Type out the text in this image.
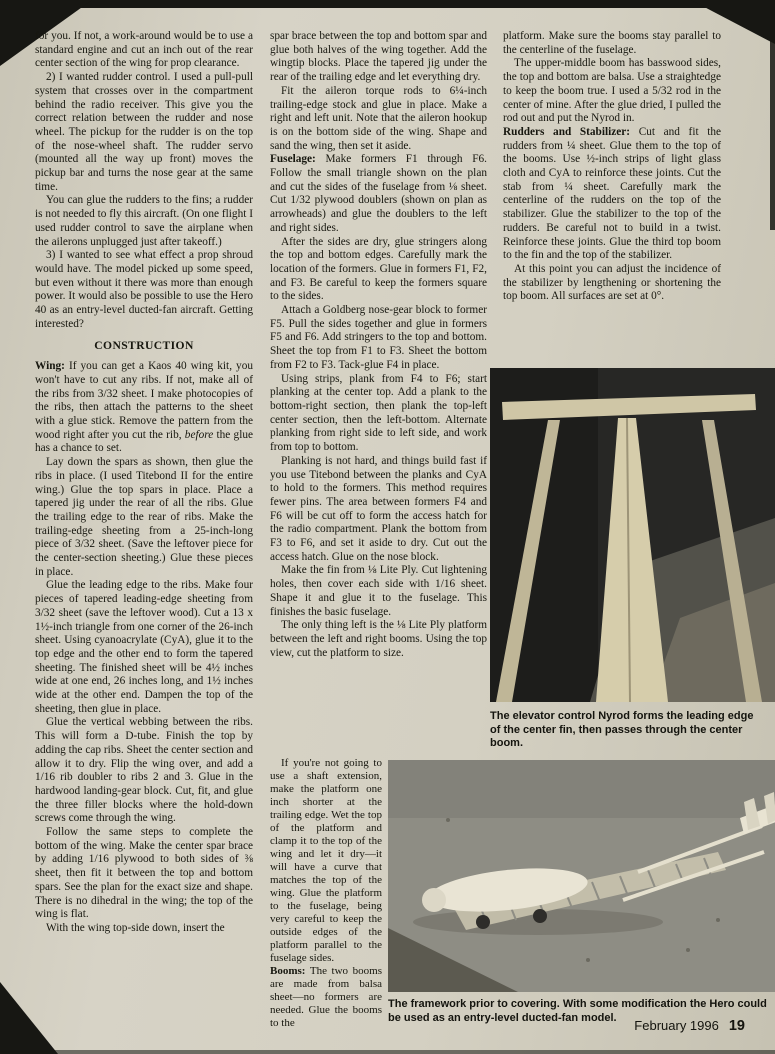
for you. If not, a work-around would be to use a standard engine and cut an inch out of the rear center section of the wing for prop clearance.

2) I wanted rudder control. I used a pull-pull system that crosses over in the compartment behind the radio receiver. This give you the correct relation between the rudder and nose wheel. The pickup for the rudder is on the top of the nose-wheel shaft. The rudder servo (mounted all the way up front) moves the pickup bar and turns the nose gear at the same time.

You can glue the rudders to the fins; a rudder is not needed to fly this aircraft. (On one flight I used rudder control to save the airplane when the ailerons unplugged just after takeoff.)

3) I wanted to see what effect a prop shroud would have. The model picked up some speed, but even without it there was more than enough power. It would also be possible to use the Hero 40 as an entry-level ducted-fan aircraft. Getting interested?

CONSTRUCTION

Wing: If you can get a Kaos 40 wing kit, you won't have to cut any ribs. If not, make all of the ribs from 3/32 sheet. I make photocopies of the ribs, then attach the patterns to the sheet with a glue stick. Remove the pattern from the wood right after you cut the rib, before the glue has a chance to set.

Lay down the spars as shown, then glue the ribs in place. (I used Titebond II for the entire wing.) Glue the top spars in place. Place a tapered jig under the rear of all the ribs. Glue the trailing edge to the rear of ribs. Make the trailing-edge sheeting from a 25-inch-long piece of 3/32 sheet. (Save the leftover piece for the center-section sheeting.) Glue these pieces in place.

Glue the leading edge to the ribs. Make four pieces of tapered leading-edge sheeting from 3/32 sheet (save the leftover wood). Cut a 13 x 1½-inch triangle from one corner of the 26-inch sheet. Using cyanoacrylate (CyA), glue it to the top edge and the other end to form the tapered sheeting. The finished sheet will be 4½ inches wide at one end, 26 inches long, and 1½ inches wide at the other end. Dampen the top of the sheeting, then glue in place.

Glue the vertical webbing between the ribs. This will form a D-tube. Finish the top by adding the cap ribs. Sheet the center section and allow it to dry. Flip the wing over, and add a 1/16 rib doubler to ribs 2 and 3. Glue in the hardwood landing-gear block. Cut, fit, and glue the three filler blocks where the hold-down screws come through the wing.

Follow the same steps to complete the bottom of the wing. Make the center spar brace by adding 1/16 plywood to both sides of ⅜ sheet, then fit it between the top and bottom spars. See the plan for the exact size and shape. There is no dihedral in the wing; the top of the wing is flat.

With the wing top-side down, insert the

spar brace between the top and bottom spar and glue both halves of the wing together. Add the wingtip blocks. Place the tapered jig under the rear of the trailing edge and let everything dry.

Fit the aileron torque rods to 6¼-inch trailing-edge stock and glue in place. Make a right and left unit. Note that the aileron hookup is on the bottom side of the wing. Shape and sand the wing, then set it aside.

Fuselage: Make formers F1 through F6. Follow the small triangle shown on the plan and cut the sides of the fuselage from ⅛ sheet. Cut 1/32 plywood doublers (shown on plan as arrowheads) and glue the doublers to the left and right sides.

After the sides are dry, glue stringers along the top and bottom edges. Carefully mark the location of the formers. Glue in formers F1, F2, and F3. Be careful to keep the formers square to the sides.

Attach a Goldberg nose-gear block to former F5. Pull the sides together and glue in formers F5 and F6. Add stringers to the top and bottom. Sheet the top from F1 to F3. Sheet the bottom from F2 to F3. Tack-glue F4 in place.

Using strips, plank from F4 to F6; start planking at the center top. Add a plank to the bottom-right section, then plank the top-left center section, then the left-bottom. Alternate planking from right side to left side, and work from top to bottom.

Planking is not hard, and things build fast if you use Titebond between the planks and CyA to hold to the formers. This method requires fewer pins. The area between formers F4 and F6 will be cut off to form the access hatch for the radio compartment. Plank the bottom from F3 to F6, and set it aside to dry. Cut out the access hatch. Glue on the nose block.

Make the fin from ⅛ Lite Ply. Cut lightening holes, then cover each side with 1/16 sheet. Shape it and glue it to the fuselage. This finishes the basic fuselage.

The only thing left is the ⅛ Lite Ply platform between the left and right booms. Using the top view, cut the platform to size.

If you're not going to use a shaft extension, make the platform one inch shorter at the trailing edge. Wet the top of the platform and clamp it to the top of the wing and let it dry—it will have a curve that matches the top of the wing. Glue the platform to the fuselage, being very careful to keep the outside edges of the platform parallel to the fuselage sides.

Booms: The two booms are made from balsa sheet—no formers are needed. Glue the booms to the

platform. Make sure the booms stay parallel to the centerline of the fuselage.

The upper-middle boom has basswood sides, the top and bottom are balsa. Use a straightedge to keep the boom true. I used a 5/32 rod in the center of mine. After the glue dried, I pulled the rod out and put the Nyrod in.

Rudders and Stabilizer: Cut and fit the rudders from ¼ sheet. Glue them to the top of the booms. Use ½-inch strips of light glass cloth and CyA to reinforce these joints. Cut the stab from ¼ sheet. Carefully mark the centerline of the rudders on the top of the stabilizer. Glue the stabilizer to the top of the rudders. Be careful not to build in a twist. Reinforce these joints. Glue the third top boom to the fin and the top of the stabilizer.

At this point you can adjust the incidence of the stabilizer by lengthening or shortening the top boom. All surfaces are set at 0°.

The elevator control Nyrod forms the leading edge of the center fin, then passes through the center boom.
The framework prior to covering. With some modification the Hero could be used as an entry-level ducted-fan model.
February 1996 19
